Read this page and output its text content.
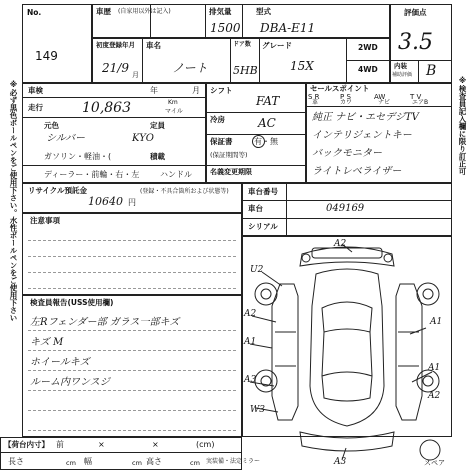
※必ず黒色ボールペンをご使用下さい。水性ボールペンをご使用下さい	※検査員記入欄に限り訂正可
No.
149
車歴 (自家用以外は記入)	排気量	型式
1500 DBA-E11
初度登録年月 車名	ドア数 グレード	2WD
4WD
21/9 月	ノート 5HB	15X
評価点
3.5
内装
補助評価 B
車検	年	月
走行	10,863	Km
マイル
元色
シルバー	KYO
ガソリン・軽油・(
定員
積載
ディーラー・前輪・右・左	ハンドル
シフト
FAT
冷房	AC
保証書	有・無
(保証期間等)
名義変更期限
セールスポイント
S R	P S	AW	T V
革	カワ	ナビ	エアB
純正 ナビ・エセデジTV
インテリジェントキー
バックモニター
ライトレベライザー
リサイクル預託金
10640 円
(登録・不具合箇所および状態等)	車台番号
車台	049169
シリアル
注意事項
検査員報告(USS使用欄)
左Rフェンダー部 ガラス一部キズ
キズ M
ホイールキズ
ルーム内ワンスジ
A2
U2
A1
A2
A1
A3
W3
A1
A2
A3
【荷台内寸】 前	×	×	(cm)
長さ	cm 幅	cm 高さ	cm 実装備・法定ミラー	スペア
